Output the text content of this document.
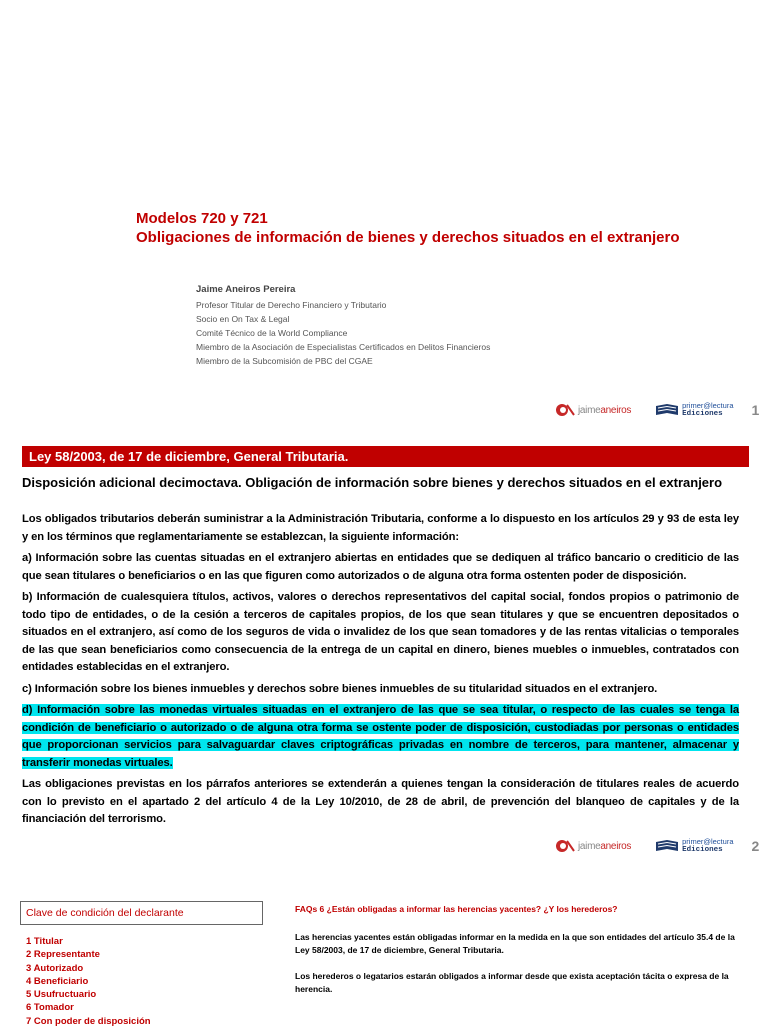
Modelos 720 y 721
Obligaciones de información de bienes y derechos situados en el extranjero
Jaime Aneiros Pereira
Profesor Titular de Derecho Financiero y Tributario
Socio en On Tax & Legal
Comité Técnico de la World Compliance
Miembro de la Asociación de Especialistas Certificados en Delitos Financieros
Miembro de la Subcomisión de PBC del CGAE
jaimeaneiros	primer@lectura
Ediciones	1
Ley 58/2003, de 17 de diciembre, General Tributaria.
Disposición adicional decimoctava. Obligación de información sobre bienes y derechos situados en el extranjero

Los obligados tributarios deberán suministrar a la Administración Tributaria, conforme a lo dispuesto en los artículos 29 y 93 de esta ley y en los términos que reglamentariamente se establezcan, la siguiente información:

a) Información sobre las cuentas situadas en el extranjero abiertas en entidades que se dediquen al tráfico bancario o crediticio de las que sean titulares o beneficiarios o en las que figuren como autorizados o de alguna otra forma ostenten poder de disposición.

b) Información de cualesquiera títulos, activos, valores o derechos representativos del capital social, fondos propios o patrimonio de todo tipo de entidades, o de la cesión a terceros de capitales propios, de los que sean titulares y que se encuentren depositados o situados en el extranjero, así como de los seguros de vida o invalidez de los que sean tomadores y de las rentas vitalicias o temporales de las que sean beneficiarios como consecuencia de la entrega de un capital en dinero, bienes muebles o inmuebles, contratados con entidades establecidas en el extranjero.

c) Información sobre los bienes inmuebles y derechos sobre bienes inmuebles de su titularidad situados en el extranjero.

d) Información sobre las monedas virtuales situadas en el extranjero de las que se sea titular, o respecto de las cuales se tenga la condición de beneficiario o autorizado o de alguna otra forma se ostente poder de disposición, custodiadas por personas o entidades que proporcionan servicios para salvaguardar claves criptográficas privadas en nombre de terceros, para mantener, almacenar y transferir monedas virtuales.

Las obligaciones previstas en los párrafos anteriores se extenderán a quienes tengan la consideración de titulares reales de acuerdo con lo previsto en el apartado 2 del artículo 4 de la Ley 10/2010, de 28 de abril, de prevención del blanqueo de capitales y de la financiación del terrorismo.

jaimeaneiros	primer@lectura
Ediciones	2
Clave de condición del declarante
1 Titular
2 Representante
3 Autorizado
4 Beneficiario
5 Usufructuario
6 Tomador
7 Con poder de disposición
FAQs 6 ¿Están obligadas a informar las herencias yacentes? ¿Y los herederos?
Las herencias yacentes están obligadas informar en la medida en la que son entidades del artículo 35.4 de la Ley 58/2003, de 17 de diciembre, General Tributaria.
Los herederos o legatarios estarán obligados a informar desde que exista aceptación tácita o expresa de la herencia.
